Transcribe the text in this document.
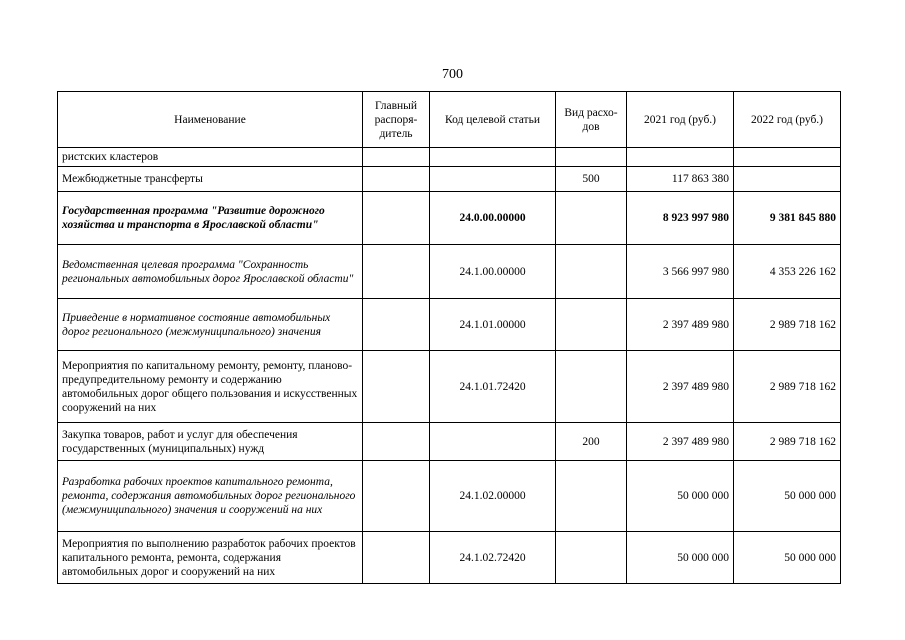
700
Наименование	Главный распоря-дитель	Код целевой статьи	Вид расхо-дов	2021 год (руб.)	2022 год (руб.)
ристских кластеров					
Межбюджетные трансферты			500	117 863 380	
Государственная программа "Развитие дорожного хозяйства и транспорта в Ярославской области"		24.0.00.00000		8 923 997 980	9 381 845 880
Ведомственная целевая программа "Сохранность региональных автомобильных дорог Ярославской области"		24.1.00.00000		3 566 997 980	4 353 226 162
Приведение в нормативное состояние автомобильных дорог регионального (межмуниципального) значения		24.1.01.00000		2 397 489 980	2 989 718 162
Мероприятия по капитальному ремонту, ремонту, планово-предупредительному ремонту и содержанию автомобильных дорог общего пользования и искусственных сооружений на них		24.1.01.72420		2 397 489 980	2 989 718 162
Закупка товаров, работ и услуг для обеспечения государственных (муниципальных) нужд			200	2 397 489 980	2 989 718 162
Разработка рабочих проектов капитального ремонта, ремонта, содержания автомобильных дорог регионального (межмуниципального) значения и сооружений на них		24.1.02.00000		50 000 000	50 000 000
Мероприятия по выполнению разработок рабочих проектов капитального ремонта, ремонта, содержания автомобильных дорог и сооружений на них		24.1.02.72420		50 000 000	50 000 000
